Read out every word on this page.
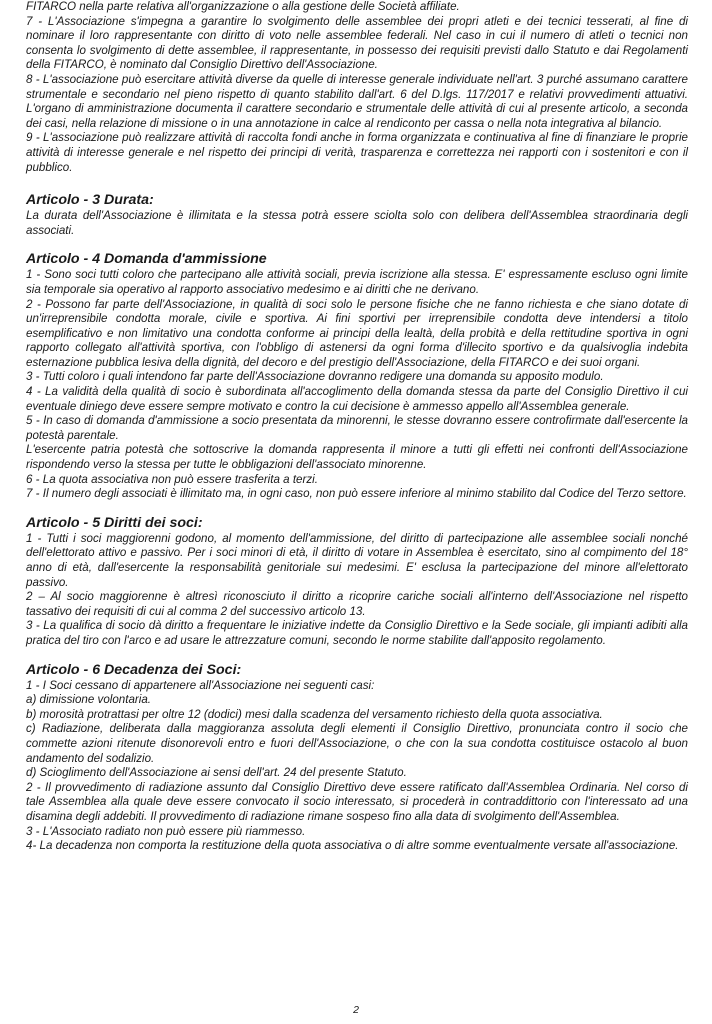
FITARCO nella parte relativa all'organizzazione o alla gestione delle Società affiliate.

7 - L'Associazione s'impegna a garantire lo svolgimento delle assemblee dei propri atleti e dei tecnici tesserati, al fine di nominare il loro rappresentante con diritto di voto nelle assemblee federali. Nel caso in cui il numero di atleti o tecnici non consenta lo svolgimento di dette assemblee, il rappresentante, in possesso dei requisiti previsti dallo Statuto e dai Regolamenti della FITARCO, è nominato dal Consiglio Direttivo dell'Associazione.

8 - L'associazione può esercitare attività diverse da quelle di interesse generale individuate nell'art. 3 purché assumano carattere strumentale e secondario nel pieno rispetto di quanto stabilito dall'art. 6 del D.lgs. 117/2017 e relativi provvedimenti attuativi. L'organo di amministrazione documenta il carattere secondario e strumentale delle attività di cui al presente articolo, a seconda dei casi, nella relazione di missione o in una annotazione in calce al rendiconto per cassa o nella nota integrativa al bilancio.

9 - L'associazione può realizzare attività di raccolta fondi anche in forma organizzata e continuativa al fine di finanziare le proprie attività di interesse generale e nel rispetto dei principi di verità, trasparenza e correttezza nei rapporti con i sostenitori e con il pubblico.

Articolo - 3 Durata:

La durata dell'Associazione è illimitata e la stessa potrà essere sciolta solo con delibera dell'Assemblea straordinaria degli associati.

Articolo - 4 Domanda d'ammissione

1 - Sono soci tutti coloro che partecipano alle attività sociali, previa iscrizione alla stessa. E' espressamente escluso ogni limite sia temporale sia operativo al rapporto associativo medesimo e ai diritti che ne derivano.

2 - Possono far parte dell'Associazione, in qualità di soci solo le persone fisiche che ne fanno richiesta e che siano dotate di un'irreprensibile condotta morale, civile e sportiva. Ai fini sportivi per irreprensibile condotta deve intendersi a titolo esemplificativo e non limitativo una condotta conforme ai principi della lealtà, della probità e della rettitudine sportiva in ogni rapporto collegato all'attività sportiva, con l'obbligo di astenersi da ogni forma d'illecito sportivo e da qualsivoglia indebita esternazione pubblica lesiva della dignità, del decoro e del prestigio dell'Associazione, della FITARCO e dei suoi organi.

3 - Tutti coloro i quali intendono far parte dell'Associazione dovranno redigere una domanda su apposito modulo.

4 - La validità della qualità di socio è subordinata all'accoglimento della domanda stessa da parte del Consiglio Direttivo il cui eventuale diniego deve essere sempre motivato e contro la cui decisione è ammesso appello all'Assemblea generale.

5 - In caso di domanda d'ammissione a socio presentata da minorenni, le stesse dovranno essere controfirmate dall'esercente la potestà parentale.

L'esercente patria potestà che sottoscrive la domanda rappresenta il minore a tutti gli effetti nei confronti dell'Associazione rispondendo verso la stessa per tutte le obbligazioni dell'associato minorenne.

6 - La quota associativa non può essere trasferita a terzi.

7 - Il numero degli associati è illimitato ma, in ogni caso, non può essere inferiore al minimo stabilito dal Codice del Terzo settore.

Articolo - 5 Diritti dei soci:

1 - Tutti i soci maggiorenni godono, al momento dell'ammissione, del diritto di partecipazione alle assemblee sociali nonché dell'elettorato attivo e passivo. Per i soci minori di età, il diritto di votare in Assemblea è esercitato, sino al compimento del 18° anno di età, dall'esercente la responsabilità genitoriale sui medesimi. E' esclusa la partecipazione del minore all'elettorato passivo.

2 – Al socio maggiorenne è altresì riconosciuto il diritto a ricoprire cariche sociali all'interno dell'Associazione nel rispetto tassativo dei requisiti di cui al comma 2 del successivo articolo 13.

3 - La qualifica di socio dà diritto a frequentare le iniziative indette da Consiglio Direttivo e la Sede sociale, gli impianti adibiti alla pratica del tiro con l'arco e ad usare le attrezzature comuni, secondo le norme stabilite dall'apposito regolamento.

Articolo - 6 Decadenza dei Soci:

1 - I Soci cessano di appartenere all'Associazione nei seguenti casi:

a) dimissione volontaria.

b) morosità protrattasi per oltre 12 (dodici) mesi dalla scadenza del versamento richiesto della quota associativa.

c) Radiazione, deliberata dalla maggioranza assoluta degli elementi il Consiglio Direttivo, pronunciata contro il socio che commette azioni ritenute disonorevoli entro e fuori dell'Associazione, o che con la sua condotta costituisce ostacolo al buon andamento del sodalizio.

d) Scioglimento dell'Associazione ai sensi dell'art. 24 del presente Statuto.

2 - Il provvedimento di radiazione assunto dal Consiglio Direttivo deve essere ratificato dall'Assemblea Ordinaria. Nel corso di tale Assemblea alla quale deve essere convocato il socio interessato, si procederà in contraddittorio con l'interessato ad una disamina degli addebiti. Il provvedimento di radiazione rimane sospeso fino alla data di svolgimento dell'Assemblea.

3 - L'Associato radiato non può essere più riammesso.

4- La decadenza non comporta la restituzione della quota associativa o di altre somme eventualmente versate all'associazione.

2
